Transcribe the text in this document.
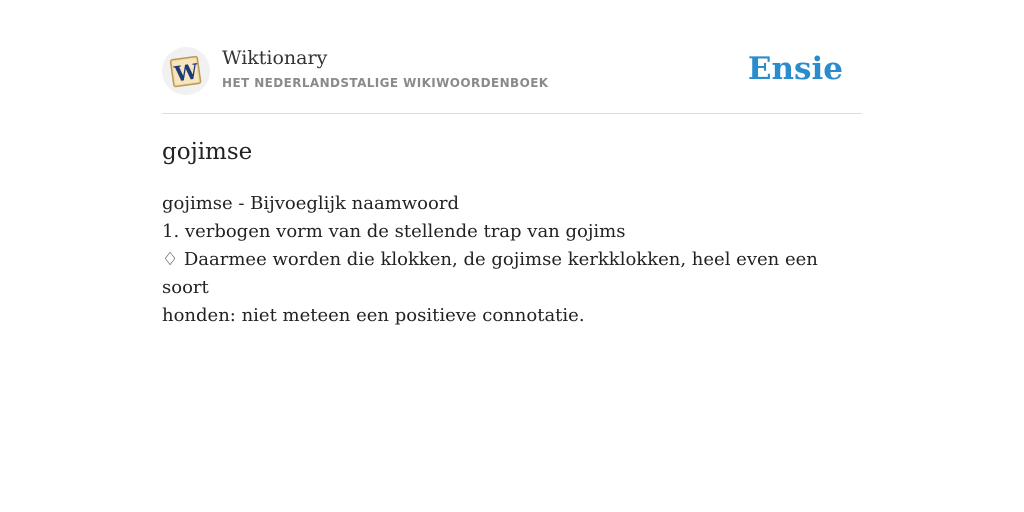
W
Wiktionary
HET NEDERLANDSTALIGE WIKIWOORDENBOEK	Ensie
gojimse
gojimse - Bijvoeglijk naamwoord
1. verbogen vorm van de stellende trap van gojims
♢ Daarmee worden die klokken, de gojimse kerkklokken, heel even een soort
honden: niet meteen een positieve connotatie.
